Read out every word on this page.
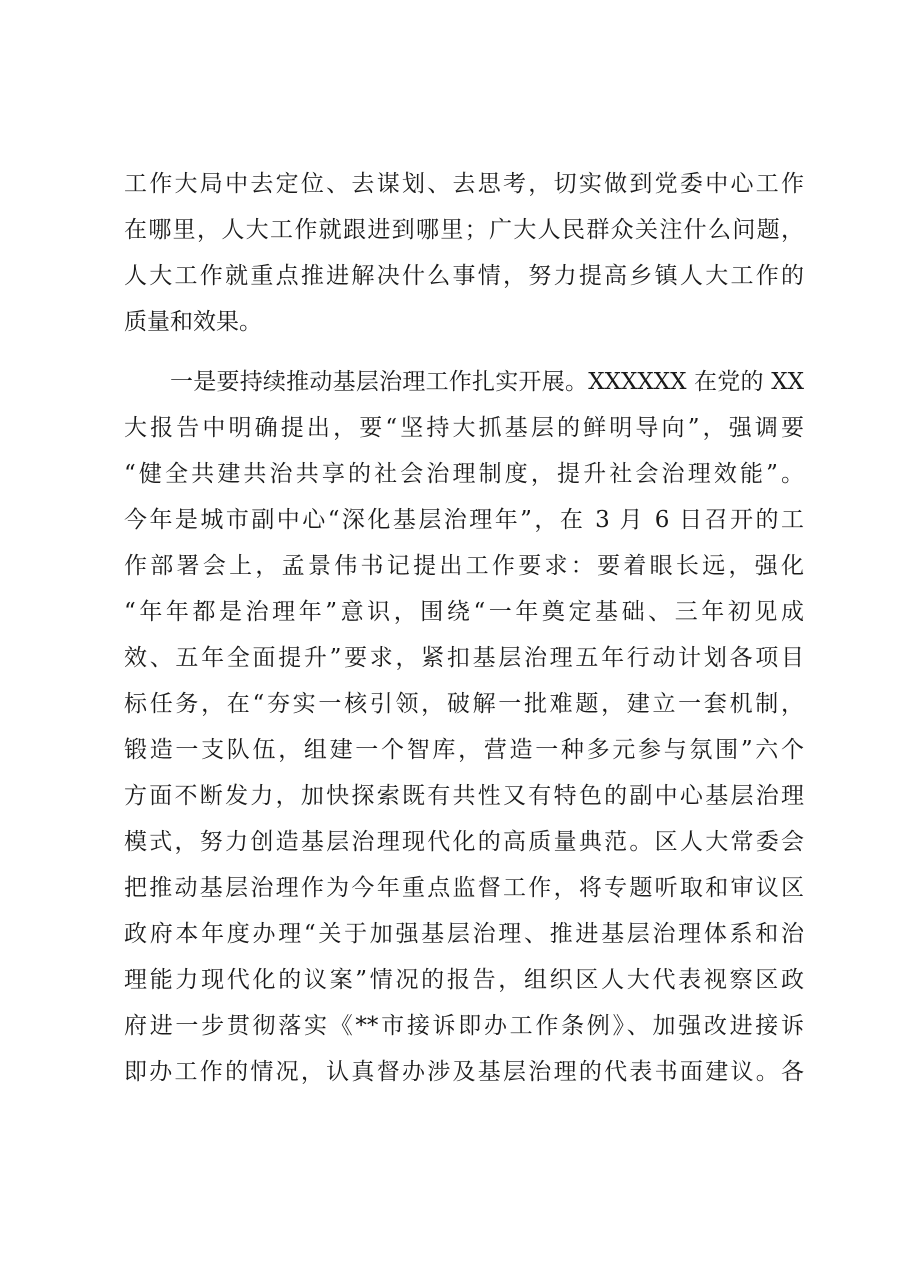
工作大局中去定位、去谋划、去思考，切实做到党委中心工作
在哪里，人大工作就跟进到哪里；广大人民群众关注什么问题，
人大工作就重点推进解决什么事情，努力提高乡镇人大工作的
质量和效果。
一是要持续推动基层治理工作扎实开展。XXXXXX 在党的 XX
大报告中明确提出，要“坚持大抓基层的鲜明导向”，强调要
“健全共建共治共享的社会治理制度，提升社会治理效能”。
今年是城市副中心“深化基层治理年”，在 3 月 6 日召开的工
作部署会上，孟景伟书记提出工作要求：要着眼长远，强化
“年年都是治理年”意识，围绕“一年奠定基础、三年初见成
效、五年全面提升”要求，紧扣基层治理五年行动计划各项目
标任务，在“夯实一核引领，破解一批难题，建立一套机制，
锻造一支队伍，组建一个智库，营造一种多元参与氛围”六个
方面不断发力，加快探索既有共性又有特色的副中心基层治理
模式，努力创造基层治理现代化的高质量典范。区人大常委会
把推动基层治理作为今年重点监督工作，将专题听取和审议区
政府本年度办理“关于加强基层治理、推进基层治理体系和治
理能力现代化的议案”情况的报告，组织区人大代表视察区政
府进一步贯彻落实《**市接诉即办工作条例》、加强改进接诉
即办工作的情况，认真督办涉及基层治理的代表书面建议。各
